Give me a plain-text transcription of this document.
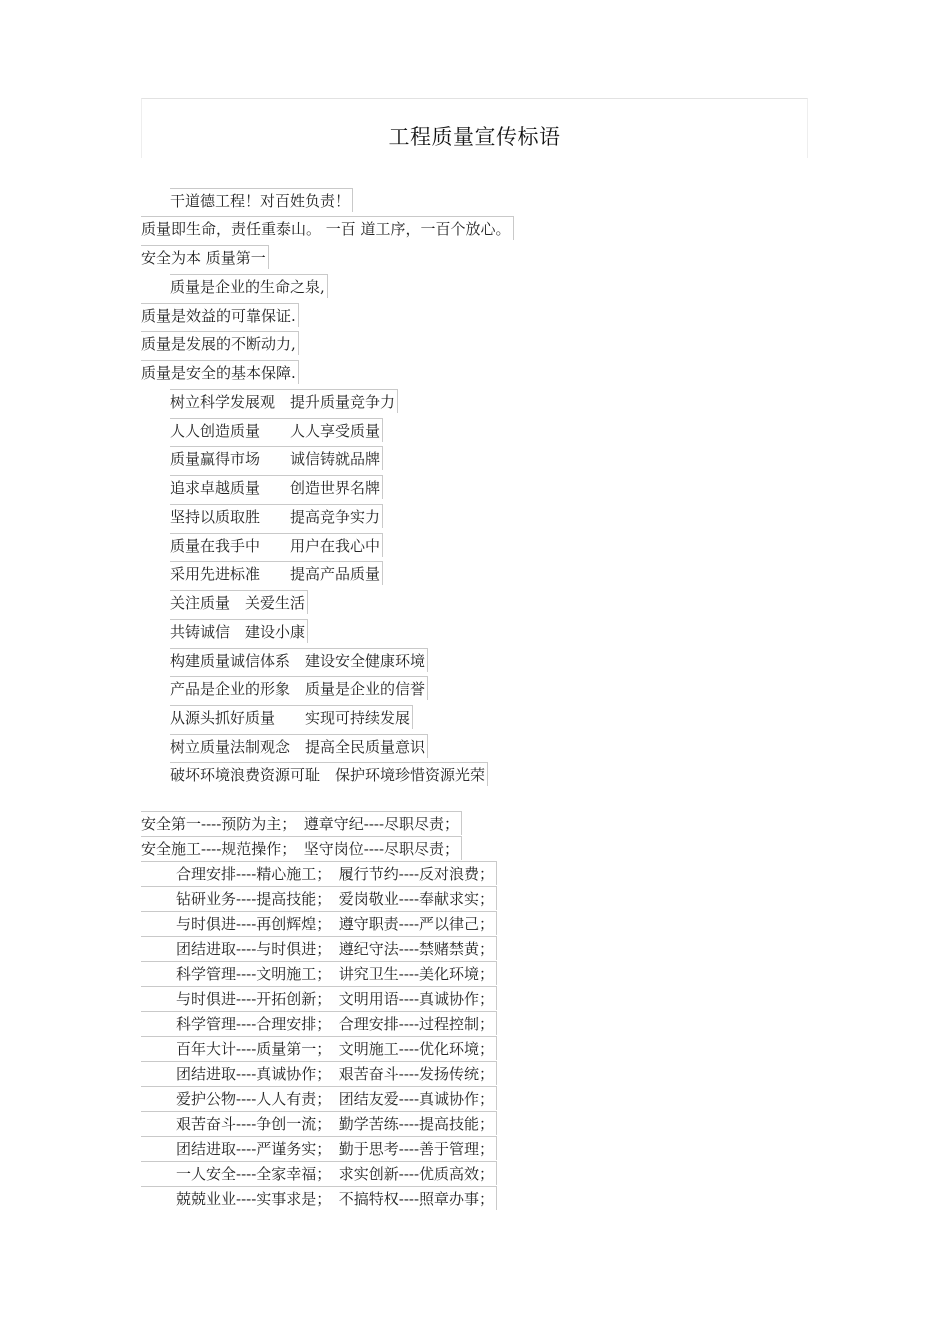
工程质量宣传标语
干道德工程！对百姓负责！
质量即生命，责任重泰山。 一百 道工序，一百个放心。
安全为本 质量第一
质量是企业的生命之泉,
质量是效益的可靠保证.
质量是发展的不断动力,
质量是安全的基本保障.
树立科学发展观　提升质量竞争力
人人创造质量　　人人享受质量
质量赢得市场　　诚信铸就品牌
追求卓越质量　　创造世界名牌
坚持以质取胜　　提高竞争实力
质量在我手中　　用户在我心中
采用先进标准　　提高产品质量
关注质量　关爱生活
共铸诚信　建设小康
构建质量诚信体系　建设安全健康环境
产品是企业的形象　质量是企业的信誉
从源头抓好质量　　实现可持续发展
树立质量法制观念　提高全民质量意识
破坏环境浪费资源可耻　保护环境珍惜资源光荣
安全第一----预防为主；　遵章守纪----尽职尽责；
安全施工----规范操作；　坚守岗位----尽职尽责；
合理安排----精心施工；　履行节约----反对浪费；
钻研业务----提高技能；　爱岗敬业----奉献求实；
与时俱进----再创辉煌；　遵守职责----严以律己；
团结进取----与时俱进；　遵纪守法----禁赌禁黄；
科学管理----文明施工；　讲究卫生----美化环境；
与时俱进----开拓创新；　文明用语----真诚协作；
科学管理----合理安排；　合理安排----过程控制；
百年大计----质量第一；　文明施工----优化环境；
团结进取----真诚协作；　艰苦奋斗----发扬传统；
爱护公物----人人有责；　团结友爱----真诚协作；
艰苦奋斗----争创一流；　勤学苦练----提高技能；
团结进取----严谨务实；　勤于思考----善于管理；
一人安全----全家幸福；　求实创新----优质高效；
兢兢业业----实事求是；　不搞特权----照章办事；
